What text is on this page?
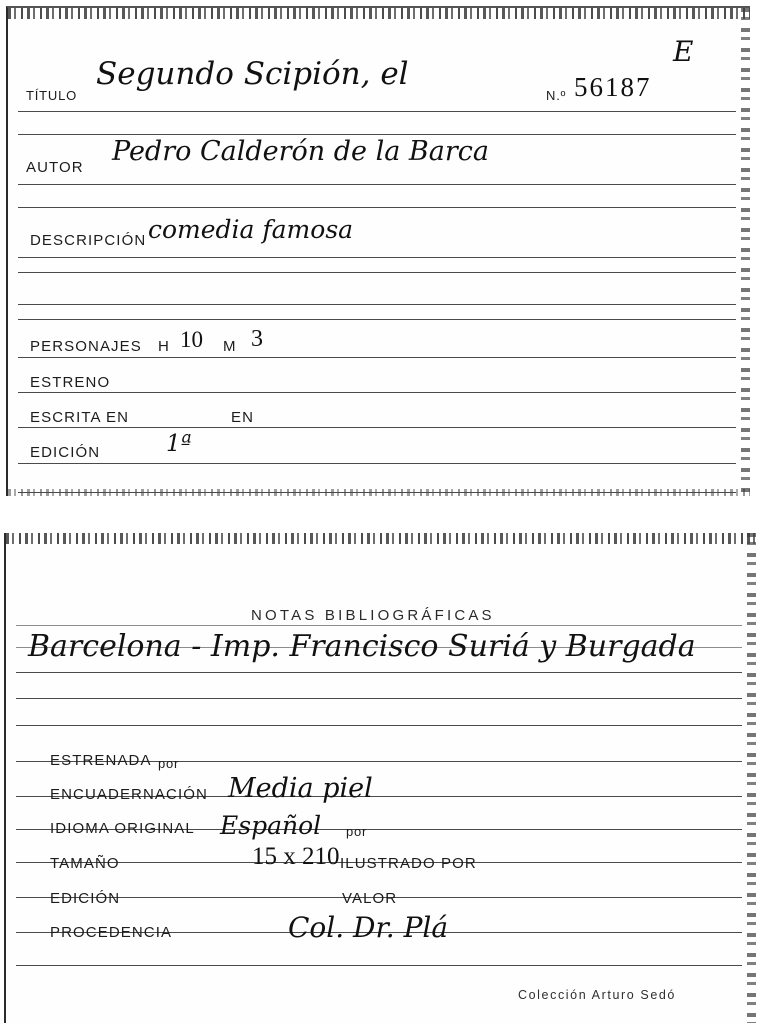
E
TÍTULO
Segundo Scipión, el
N.º 56187
AUTOR
Pedro Calderón de la Barca
DESCRIPCIÓN comedia famosa
PERSONAJES H 10 M 3
ESTRENO
ESCRITA EN	EN
EDICIÓN	1ª
NOTAS BIBLIOGRÁFICAS
Barcelona - Imp. Francisco Suriá y Burgada
ESTRENADA por
ENCUADERNACIÓN Media piel
IDIOMA ORIGINAL Español por
TAMAÑO	15 x 210 ILUSTRADO POR
EDICIÓN	VALOR
PROCEDENCIA	Col. Dr. Plá
Colección Arturo Sedó
